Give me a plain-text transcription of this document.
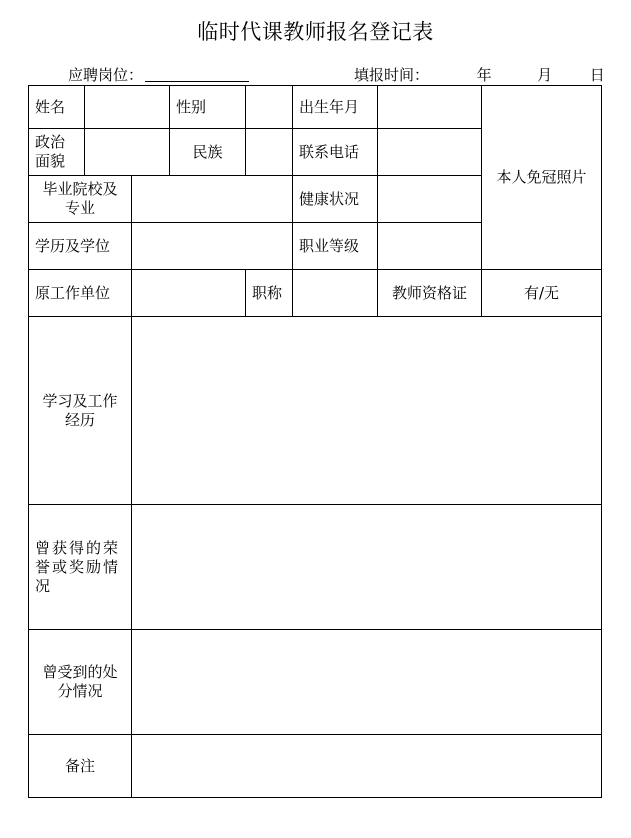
临时代课教师报名登记表
应聘岗位：	填报时间：	年	月	日
姓名			性别		出生年月		本人免冠照片

政治
面貌			民族		联系电话		

毕业院校及
专业					健康状况		
学历及学位					职业等级		
原工作单位				职称		教师资格证	有/无

学习及工作
经历							

曾获得的荣誉或奖励情况							

曾受到的处
分情况							

备注							
